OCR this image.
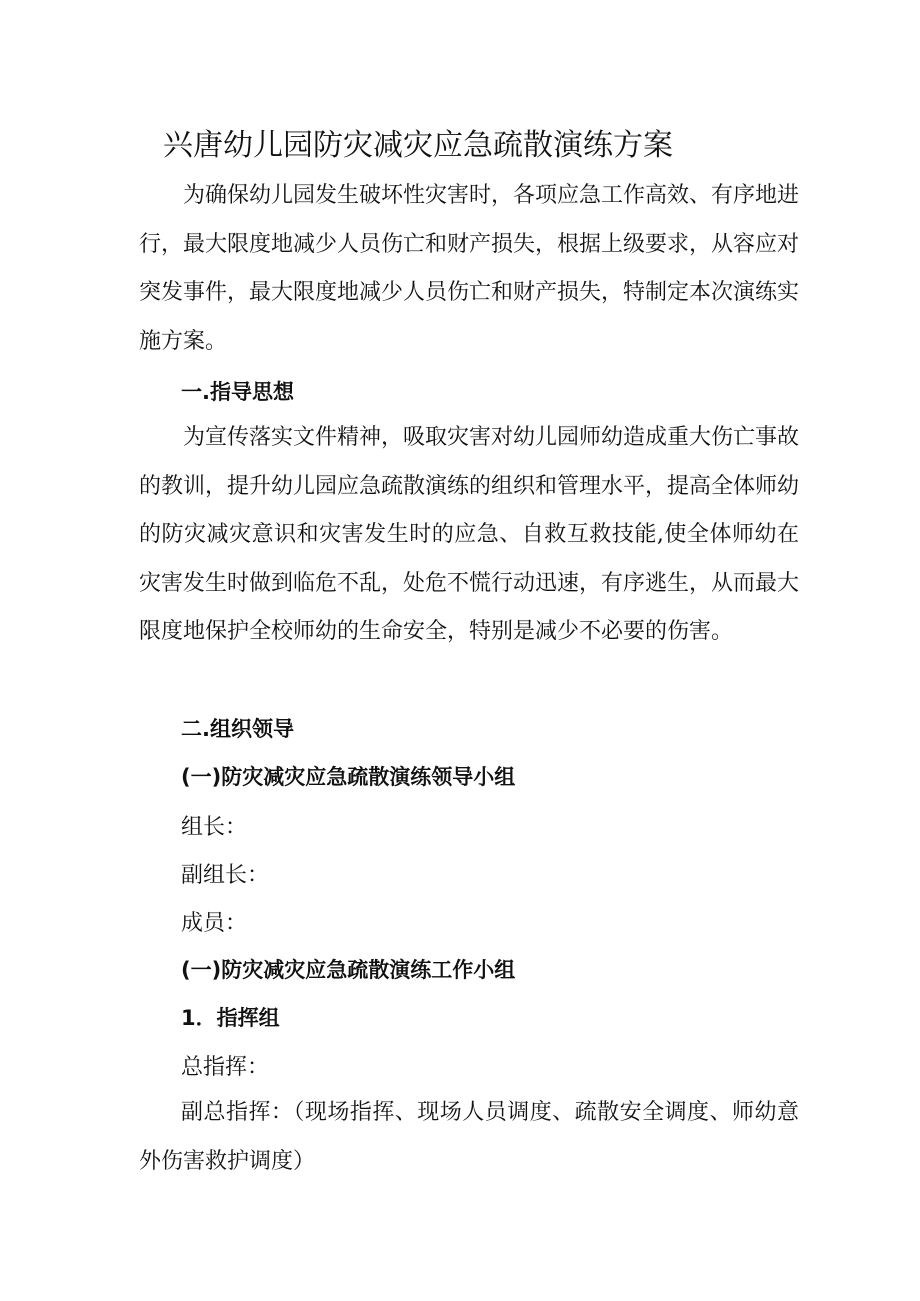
兴唐幼儿园防灾减灾应急疏散演练方案

为确保幼儿园发生破坏性灾害时，各项应急工作高效、有序地进行，最大限度地减少人员伤亡和财产损失，根据上级要求，从容应对突发事件，最大限度地减少人员伤亡和财产损失，特制定本次演练实施方案。

一.指导思想

为宣传落实文件精神，吸取灾害对幼儿园师幼造成重大伤亡事故的教训，提升幼儿园应急疏散演练的组织和管理水平，提高全体师幼的防灾减灾意识和灾害发生时的应急、自救互救技能,使全体师幼在灾害发生时做到临危不乱，处危不慌行动迅速，有序逃生，从而最大限度地保护全校师幼的生命安全，特别是减少不必要的伤害。

二.组织领导
(一)防灾减灾应急疏散演练领导小组

组长：

副组长：

成员：

(一)防灾减灾应急疏散演练工作小组
1．指挥组

总指挥：

副总指挥：（现场指挥、现场人员调度、疏散安全调度、师幼意外伤害救护调度）
